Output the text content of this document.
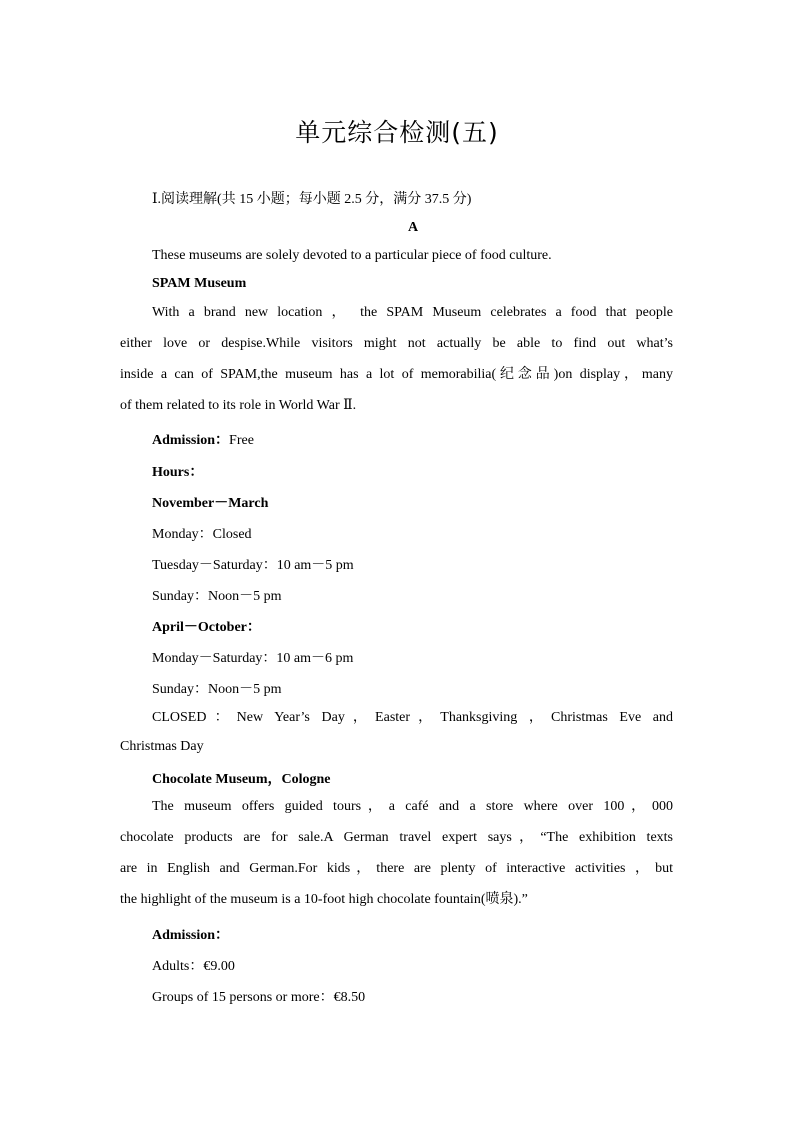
单元综合检测(五)
Ⅰ.阅读理解(共 15 小题；每小题 2.5 分，满分 37.5 分)
A
These museums are solely devoted to a particular piece of food culture.
SPAM Museum
With a brand new location ， the SPAM Museum celebrates a food that people
either love or despise.While visitors might not actually be able to find out what’s
inside a can of SPAM,the museum has a lot of memorabilia(纪念品)on display，many
of them related to its role in World War Ⅱ.
Admission：Free
Hours：
November－March
Monday：Closed
Tuesday－Saturday：10 am－5 pm
Sunday：Noon－5 pm
April－October：
Monday－Saturday：10 am－6 pm
Sunday：Noon－5 pm
CLOSED：New Year’s Day，Easter，Thanksgiving ，Christmas Eve and
Christmas Day
Chocolate Museum，Cologne
The museum offers guided tours，a café and a store where over 100，000
chocolate products are for sale.A German travel expert says，“The exhibition texts
are in English and German.For kids，there are plenty of interactive activities ，but
the highlight of the museum is a 10-foot high chocolate fountain(喷泉).”
Admission：
Adults：€9.00
Groups of 15 persons or more：€8.50
